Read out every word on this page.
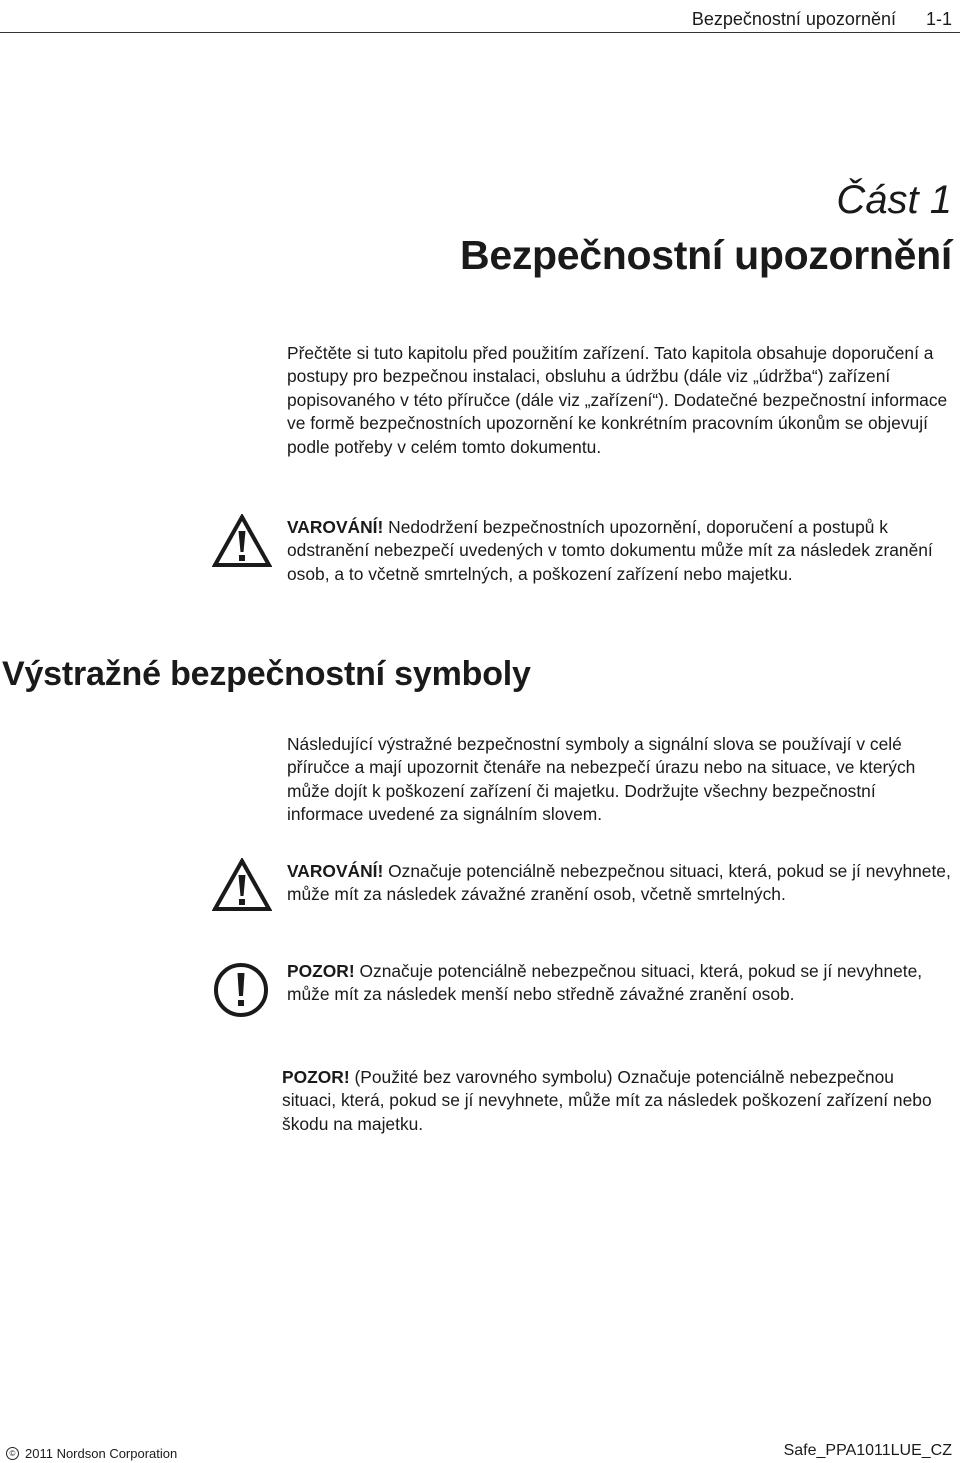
Bezpečnostní upozornění 1-1
Část 1
Bezpečnostní upozornění

Přečtěte si tuto kapitolu před použitím zařízení. Tato kapitola obsahuje doporučení a postupy pro bezpečnou instalaci, obsluhu a údržbu (dále viz „údržba“) zařízení popisovaného v této příručce (dále viz „zařízení“). Dodatečné bezpečnostní informace ve formě bezpečnostních upozornění ke konkrétním pracovním úkonům se objevují podle potřeby v celém tomto dokumentu.

VAROVÁNÍ! Nedodržení bezpečnostních upozornění, doporučení a postupů k odstranění nebezpečí uvedených v tomto dokumentu může mít za následek zranění osob, a to včetně smrtelných, a poškození zařízení nebo majetku.

Výstražné bezpečnostní symboly

Následující výstražné bezpečnostní symboly a signální slova se používají v celé příručce a mají upozornit čtenáře na nebezpečí úrazu nebo na situace, ve kterých může dojít k poškození zařízení či majetku. Dodržujte všechny bezpečnostní informace uvedené za signálním slovem.

VAROVÁNÍ! Označuje potenciálně nebezpečnou situaci, která, pokud se jí nevyhnete, může mít za následek závažné zranění osob, včetně smrtelných.

POZOR! Označuje potenciálně nebezpečnou situaci, která, pokud se jí nevyhnete, může mít za následek menší nebo středně závažné zranění osob.

POZOR! (Použité bez varovného symbolu) Označuje potenciálně nebezpečnou situaci, která, pokud se jí nevyhnete, může mít za následek poškození zařízení nebo škodu na majetku.

© 2011 Nordson Corporation	Safe_PPA1011LUE_CZ
